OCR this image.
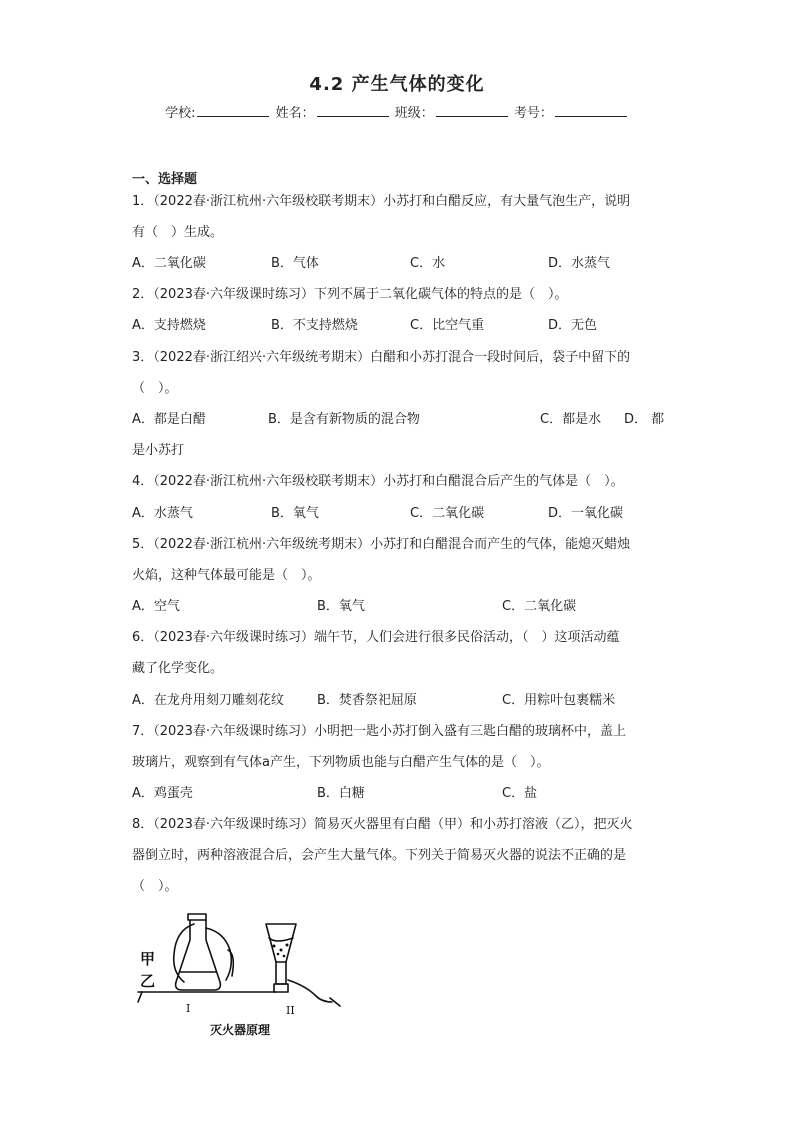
4.2 产生气体的变化
学校:	姓名：	班级：	考号：
一、选择题
1．（2022春·浙江杭州·六年级校联考期末）小苏打和白醋反应，有大量气泡生产，说明
有（　）生成。
A．二氧化碳	B．气体	C．水	D．水蒸气
2．（2023春·六年级课时练习）下列不属于二氧化碳气体的特点的是（　）。
A．支持燃烧	B．不支持燃烧	C．比空气重	D．无色
3．（2022春·浙江绍兴·六年级统考期末）白醋和小苏打混合一段时间后，袋子中留下的
（　）。
A．都是白醋	B．是含有新物质的混合物	C．都是水 D． 都
是小苏打
4．（2022春·浙江杭州·六年级校联考期末）小苏打和白醋混合后产生的气体是（　）。
A．水蒸气	B．氧气	C．二氧化碳	D．一氧化碳
5．（2022春·浙江杭州·六年级统考期末）小苏打和白醋混合而产生的气体，能熄灭蜡烛
火焰，这种气体最可能是（　）。
A．空气	B．氧气	C．二氧化碳
6．（2023春·六年级课时练习）端午节，人们会进行很多民俗活动，（　）这项活动蕴
藏了化学变化。
A．在龙舟用刻刀雕刻花纹	B．焚香祭祀屈原	C．用粽叶包裹糯米
7．（2023春·六年级课时练习）小明把一匙小苏打倒入盛有三匙白醋的玻璃杯中，盖上
玻璃片，观察到有气体a产生，下列物质也能与白醋产生气体的是（　）。
A．鸡蛋壳	B．白糖	C．盐
8．（2023春·六年级课时练习）简易灭火器里有白醋（甲）和小苏打溶液（乙），把灭火
器倒立时，两种溶液混合后，会产生大量气体。下列关于简易灭火器的说法不正确的是
（　）。
甲
乙
I	II
灭火器原理
